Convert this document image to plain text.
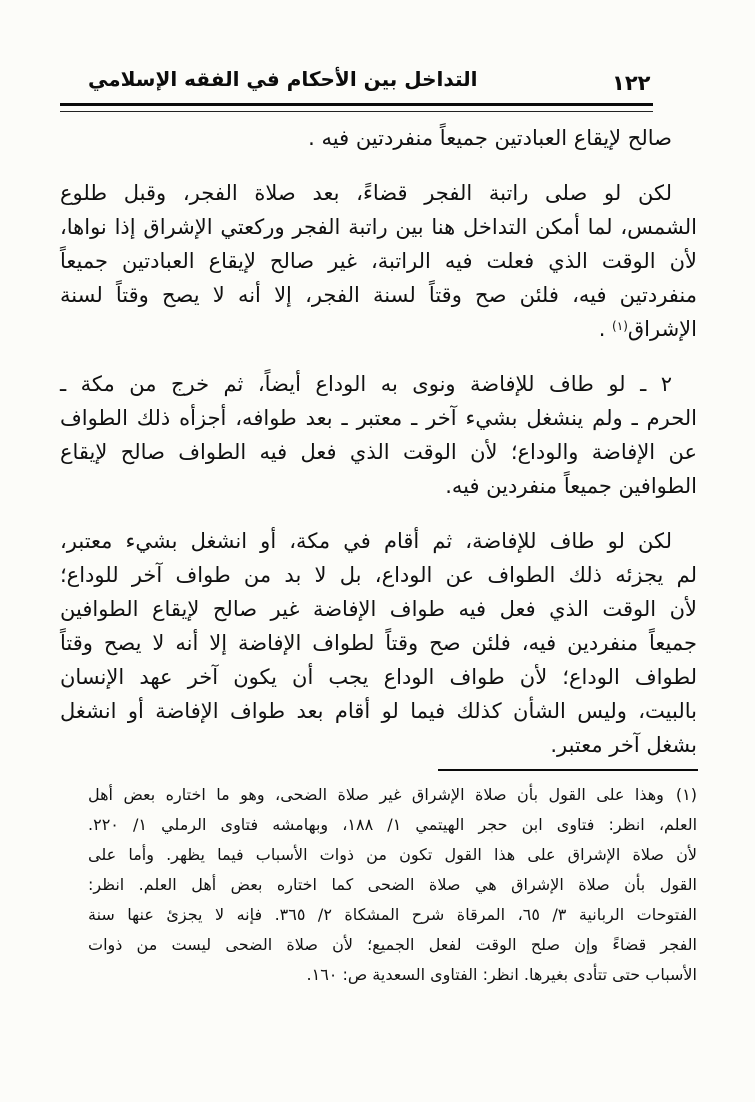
التداخل بين الأحكام في الفقه الإسلامي	١٢٢
صالح لإيقاع العبادتين جميعاً منفردتين فيه .
لكن لو صلى راتبة الفجر قضاءً، بعد صلاة الفجر، وقبل طلوع
الشمس، لما أمكن التداخل هنا بين راتبة الفجر وركعتي الإشراق إذا نواها،
لأن الوقت الذي فعلت فيه الراتبة، غير صالح لإيقاع العبادتين جميعاً
منفردتين فيه، فلئن صح وقتاً لسنة الفجر، إلا أنه لا يصح وقتاً لسنة
الإشراق$^{(١)}$ .
٢ ـ لو طاف للإفاضة ونوى به الوداع أيضاً، ثم خرج من مكة ـ
الحرم ـ ولم ينشغل بشيء آخر ـ معتبر ـ بعد طوافه، أجزأه ذلك الطواف
عن الإفاضة والوداع؛ لأن الوقت الذي فعل فيه الطواف صالح لإيقاع
الطوافين جميعاً منفردين فيه.
لكن لو طاف للإفاضة، ثم أقام في مكة، أو انشغل بشيء معتبر،
لم يجزئه ذلك الطواف عن الوداع، بل لا بد من طواف آخر للوداع؛
لأن الوقت الذي فعل فيه طواف الإفاضة غير صالح لإيقاع الطوافين
جميعاً منفردين فيه، فلئن صح وقتاً لطواف الإفاضة إلا أنه لا يصح وقتاً
لطواف الوداع؛ لأن طواف الوداع يجب أن يكون آخر عهد الإنسان
بالبيت، وليس الشأن كذلك فيما لو أقام بعد طواف الإفاضة أو انشغل
بشغل آخر معتبر.
(١)وهذا على القول بأن صلاة الإشراق غير صلاة الضحى، وهو ما اختاره بعض أهل
العلم، انظر: فتاوى ابن حجر الهيتمي ١/ ١٨٨، وبهامشه فتاوى الرملي ١/ ٢٢٠.
لأن صلاة الإشراق على هذا القول تكون من ذوات الأسباب فيما يظهر. وأما على
القول بأن صلاة الإشراق هي صلاة الضحى كما اختاره بعض أهل العلم. انظر:
الفتوحات الربانية ٣/ ٦٥، المرقاة شرح المشكاة ٢/ ٣٦٥. فإنه لا يجزئ عنها سنة
الفجر قضاءً وإن صلح الوقت لفعل الجميع؛ لأن صلاة الضحى ليست من ذوات
الأسباب حتى تتأدى بغيرها. انظر: الفتاوى السعدية ص: ١٦٠.
